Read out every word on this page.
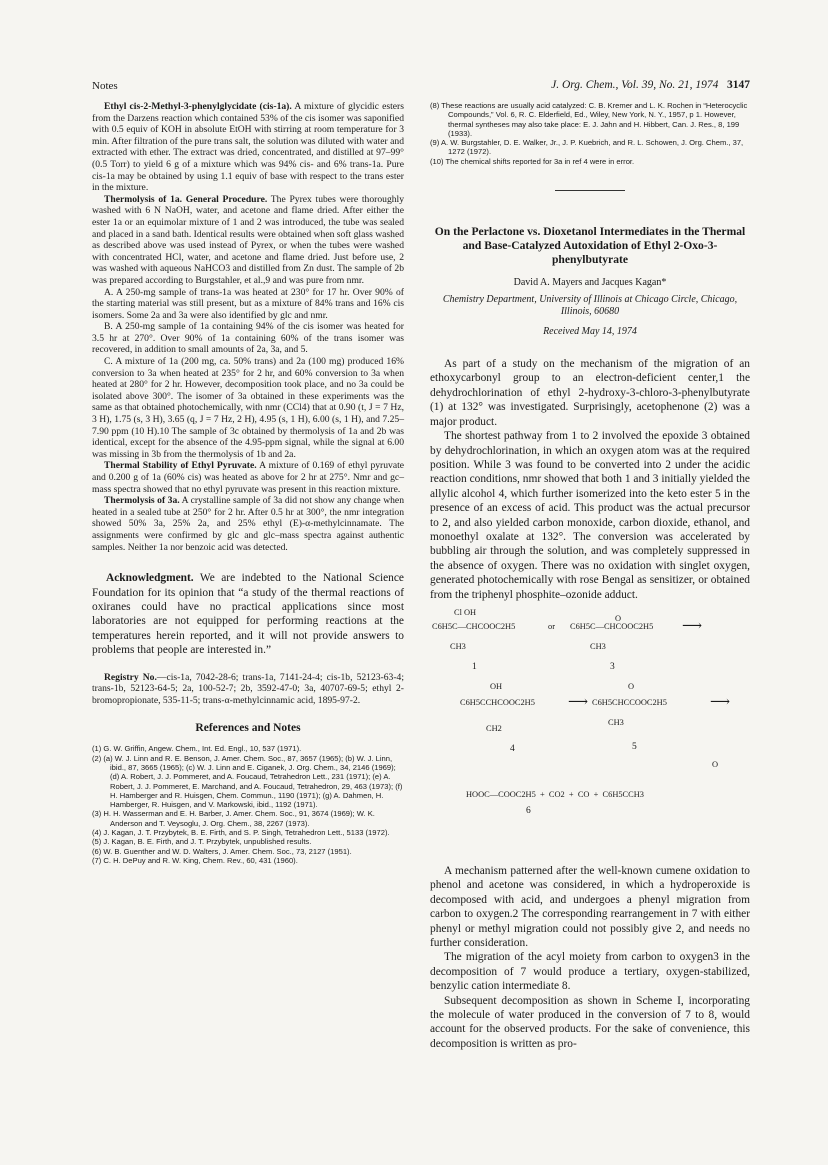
Notes	J. Org. Chem., Vol. 39, No. 21, 1974 3147

Ethyl cis-2-Methyl-3-phenylglycidate (cis-1a). A mixture of glycidic esters from the Darzens reaction which contained 53% of the cis isomer was saponified with 0.5 equiv of KOH in absolute EtOH with stirring at room temperature for 3 min. After filtration of the pure trans salt, the solution was diluted with water and extracted with ether. The extract was dried, concentrated, and distilled at 97–99° (0.5 Torr) to yield 6 g of a mixture which was 94% cis- and 6% trans-1a. Pure cis-1a may be obtained by using 1.1 equiv of base with respect to the trans ester in the mixture.

Thermolysis of 1a. General Procedure. The Pyrex tubes were thoroughly washed with 6 N NaOH, water, and acetone and flame dried. After either the ester 1a or an equimolar mixture of 1 and 2 was introduced, the tube was sealed and placed in a sand bath. Identical results were obtained when soft glass washed as described above was used instead of Pyrex, or when the tubes were washed with concentrated HCl, water, and acetone and flame dried. Just before use, 2 was washed with aqueous NaHCO3 and distilled from Zn dust. The sample of 2b was prepared according to Burgstahler, et al.,9 and was pure from nmr.

A. A 250-mg sample of trans-1a was heated at 230° for 17 hr. Over 90% of the starting material was still present, but as a mixture of 84% trans and 16% cis isomers. Some 2a and 3a were also identified by glc and nmr.

B. A 250-mg sample of 1a containing 94% of the cis isomer was heated for 3.5 hr at 270°. Over 90% of 1a containing 60% of the trans isomer was recovered, in addition to small amounts of 2a, 3a, and 5.

C. A mixture of 1a (200 mg, ca. 50% trans) and 2a (100 mg) produced 16% conversion to 3a when heated at 235° for 2 hr, and 60% conversion to 3a when heated at 280° for 2 hr. However, decomposition took place, and no 3a could be isolated above 300°. The isomer of 3a obtained in these experiments was the same as that obtained photochemically, with nmr (CCl4) that at 0.90 (t, J = 7 Hz, 3 H), 1.75 (s, 3 H), 3.65 (q, J = 7 Hz, 2 H), 4.95 (s, 1 H), 6.00 (s, 1 H), and 7.25–7.90 ppm (10 H).10 The sample of 3c obtained by thermolysis of 1a and 2b was identical, except for the absence of the 4.95-ppm signal, while the signal at 6.00 was missing in 3b from the thermolysis of 1b and 2a.

Thermal Stability of Ethyl Pyruvate. A mixture of 0.169 of ethyl pyruvate and 0.200 g of 1a (60% cis) was heated as above for 2 hr at 275°. Nmr and gc–mass spectra showed that no ethyl pyruvate was present in this reaction mixture.

Thermolysis of 3a. A crystalline sample of 3a did not show any change when heated in a sealed tube at 250° for 2 hr. After 0.5 hr at 300°, the nmr integration showed 50% 3a, 25% 2a, and 25% ethyl (E)-α-methylcinnamate. The assignments were confirmed by glc and glc–mass spectra against authentic samples. Neither 1a nor benzoic acid was detected.

Acknowledgment. We are indebted to the National Science Foundation for its opinion that “a study of the thermal reactions of oxiranes could have no practical applications since most laboratories are not equipped for performing reactions at the temperatures herein reported, and it will not provide answers to problems that people are interested in.”

Registry No.—cis-1a, 7042-28-6; trans-1a, 7141-24-4; cis-1b, 52123-63-4; trans-1b, 52123-64-5; 2a, 100-52-7; 2b, 3592-47-0; 3a, 40707-69-5; ethyl 2-bromopropionate, 535-11-5; trans-α-methylcinnamic acid, 1895-97-2.

References and Notes
(1) G. W. Griffin, Angew. Chem., Int. Ed. Engl., 10, 537 (1971).
(2) (a) W. J. Linn and R. E. Benson, J. Amer. Chem. Soc., 87, 3657 (1965); (b) W. J. Linn, ibid., 87, 3665 (1965); (c) W. J. Linn and E. Ciganek, J. Org. Chem., 34, 2146 (1969); (d) A. Robert, J. J. Pommeret, and A. Foucaud, Tetrahedron Lett., 231 (1971); (e) A. Robert, J. J. Pommeret, E. Marchand, and A. Foucaud, Tetrahedron, 29, 463 (1973); (f) H. Hamberger and R. Huisgen, Chem. Commun., 1190 (1971); (g) A. Dahmen, H. Hamberger, R. Huisgen, and V. Markowski, ibid., 1192 (1971).
(3) H. H. Wasserman and E. H. Barber, J. Amer. Chem. Soc., 91, 3674 (1969); W. K. Anderson and T. Veysoglu, J. Org. Chem., 38, 2267 (1973).
(4) J. Kagan, J. T. Przybytek, B. E. Firth, and S. P. Singh, Tetrahedron Lett., 5133 (1972).
(5) J. Kagan, B. E. Firth, and J. T. Przybytek, unpublished results.
(6) W. B. Guenther and W. D. Walters, J. Amer. Chem. Soc., 73, 2127 (1951).
(7) C. H. DePuy and R. W. King, Chem. Rev., 60, 431 (1960).
(8) These reactions are usually acid catalyzed: C. B. Kremer and L. K. Rochen in “Heterocyclic Compounds,” Vol. 6, R. C. Elderfield, Ed., Wiley, New York, N. Y., 1957, p 1. However, thermal syntheses may also take place: E. J. Jahn and H. Hibbert, Can. J. Res., 8, 199 (1933).
(9) A. W. Burgstahler, D. E. Walker, Jr., J. P. Kuebrich, and R. L. Schowen, J. Org. Chem., 37, 1272 (1972).
(10) The chemical shifts reported for 3a in ref 4 were in error.
On the Perlactone vs. Dioxetanol Intermediates in the Thermal and Base-Catalyzed Autoxidation of Ethyl 2-Oxo-3-phenylbutyrate
David A. Mayers and Jacques Kagan*
Chemistry Department, University of Illinois at Chicago Circle, Chicago, Illinois, 60680
Received May 14, 1974

As part of a study on the mechanism of the migration of an ethoxycarbonyl group to an electron-deficient center,1 the dehydrochlorination of ethyl 2-hydroxy-3-chloro-3-phenylbutyrate (1) at 132° was investigated. Surprisingly, acetophenone (2) was a major product.

The shortest pathway from 1 to 2 involved the epoxide 3 obtained by dehydrochlorination, in which an oxygen atom was at the required position. While 3 was found to be converted into 2 under the acidic reaction conditions, nmr showed that both 1 and 3 initially yielded the allylic alcohol 4, which further isomerized into the keto ester 5 in the presence of an excess of acid. This product was the actual precursor to 2, and also yielded carbon monoxide, carbon dioxide, ethanol, and monoethyl oxalate at 132°. The conversion was accelerated by bubbling air through the solution, and was completely suppressed in the absence of oxygen. There was no oxidation with singlet oxygen, generated photochemically with rose Bengal as sensitizer, or obtained from the triphenyl phosphite–ozonide adduct.

Cl OH
C6H5C—CHCOOC2H5
CH3
or
O
C6H5C—CHCOOC2H5
CH3
⟶
1	3
OH
C6H5CCHCOOC2H5
CH2
⟶
O
C6H5CHCCOOC2H5
CH3
⟶
4	5
O
HOOC—COOC2H5  +  CO2  +  CO  +  C6H5CCH3
6

A mechanism patterned after the well-known cumene oxidation to phenol and acetone was considered, in which a hydroperoxide is decomposed with acid, and undergoes a phenyl migration from carbon to oxygen.2 The corresponding rearrangement in 7 with either phenyl or methyl migration could not possibly give 2, and needs no further consideration.

The migration of the acyl moiety from carbon to oxygen3 in the decomposition of 7 would produce a tertiary, oxygen-stabilized, benzylic cation intermediate 8.

Subsequent decomposition as shown in Scheme I, incorporating the molecule of water produced in the conversion of 7 to 8, would account for the observed products. For the sake of convenience, this decomposition is written as pro-
